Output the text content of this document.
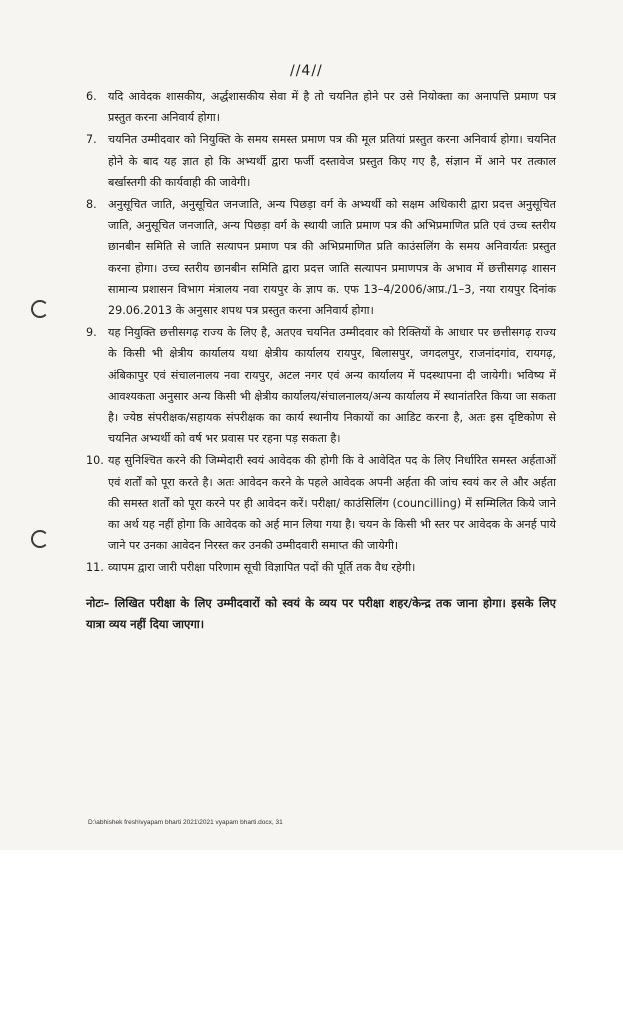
//4//
6.	यदि आवेदक शासकीय, अर्द्धशासकीय सेवा में है तो चयनित होने पर उसे नियोक्ता का अनापत्ति प्रमाण पत्र प्रस्तुत करना अनिवार्य होगा।
7.	चयनित उम्मीदवार को नियुक्ति के समय समस्त प्रमाण पत्र की मूल प्रतियां प्रस्तुत करना अनिवार्य होगा। चयनित होने के बाद यह ज्ञात हो कि अभ्यर्थी द्वारा फर्जी दस्तावेज प्रस्तुत किए गए है, संज्ञान में आने पर तत्काल बर्खास्तगी की कार्यवाही की जावेगी।
8.	अनुसूचित जाति, अनुसूचित जनजाति, अन्य पिछड़ा वर्ग के अभ्यर्थी को सक्षम अधिकारी द्वारा प्रदत्त अनुसूचित जाति, अनुसूचित जनजाति, अन्य पिछड़ा वर्ग के स्थायी जाति प्रमाण पत्र की अभिप्रमाणित प्रति एवं उच्च स्तरीय छानबीन समिति से जाति सत्यापन प्रमाण पत्र की अभिप्रमाणित प्रति काउंसलिंग के समय अनिवार्यतः प्रस्तुत करना होगा। उच्च स्तरीय छानबीन समिति द्वारा प्रदत्त जाति सत्यापन प्रमाणपत्र के अभाव में छत्तीसगढ़ शासन सामान्य प्रशासन विभाग मंत्रालय नवा रायपुर के ज्ञाप क. एफ 13–4/2006/आप्र./1–3, नया रायपुर दिनांक 29.06.2013 के अनुसार शपथ पत्र प्रस्तुत करना अनिवार्य होगा।
9.	यह नियुक्ति छत्तीसगढ़ राज्य के लिए है, अतएव चयनित उम्मीदवार को रिक्तियों के आधार पर छत्तीसगढ़ राज्य के किसी भी क्षेत्रीय कार्यालय यथा क्षेत्रीय कार्यालय रायपुर, बिलासपुर, जगदलपुर, राजनांदगांव, रायगढ़, अंबिकापुर एवं संचालनालय नवा रायपुर, अटल नगर एवं अन्य कार्यालय में पदस्थापना दी जायेगी। भविष्य में आवश्यकता अनुसार अन्य किसी भी क्षेत्रीय कार्यालय/संचालनालय/अन्य कार्यालय में स्थानांतरित किया जा सकता है। ज्येष्ठ संपरीक्षक/सहायक संपरीक्षक का कार्य स्थानीय निकायों का आडिट करना है, अतः इस दृष्टिकोण से चयनित अभ्यर्थी को वर्ष भर प्रवास पर रहना पड़ सकता है।
10. यह सुनिश्चित करने की जिम्मेदारी स्वयं आवेदक की होगी कि वे आवेदित पद के लिए निर्धारित समस्त अर्हताओं एवं शर्तों को पूरा करते है। अतः आवेदन करने के पहले आवेदक अपनी अर्हता की जांच स्वयं कर ले और अर्हता की समस्त शर्तों को पूरा करने पर ही आवेदन करें। परीक्षा/ काउंसिलिंग (councilling) में सम्मिलित किये जाने का अर्थ यह नहीं होगा कि आवेदक को अर्ह मान लिया गया है। चयन के किसी भी स्तर पर आवेदक के अनर्ह पाये जाने पर उनका आवेदन निरस्त कर उनकी उम्मीदवारी समाप्त की जायेगी।
11. व्यापम द्वारा जारी परीक्षा परिणाम सूची विज्ञापित पदों की पूर्ति तक वैध रहेगी।
नोटः– लिखित परीक्षा के लिए उम्मीदवारों को स्वयं के व्यय पर परीक्षा शहर/केन्द्र तक जाना होगा। इसके लिए यात्रा व्यय नहीं दिया जाएगा।
D:\abhishek fresh\vyapam bharti 2021\2021 vyapam bharti.docx, 31
